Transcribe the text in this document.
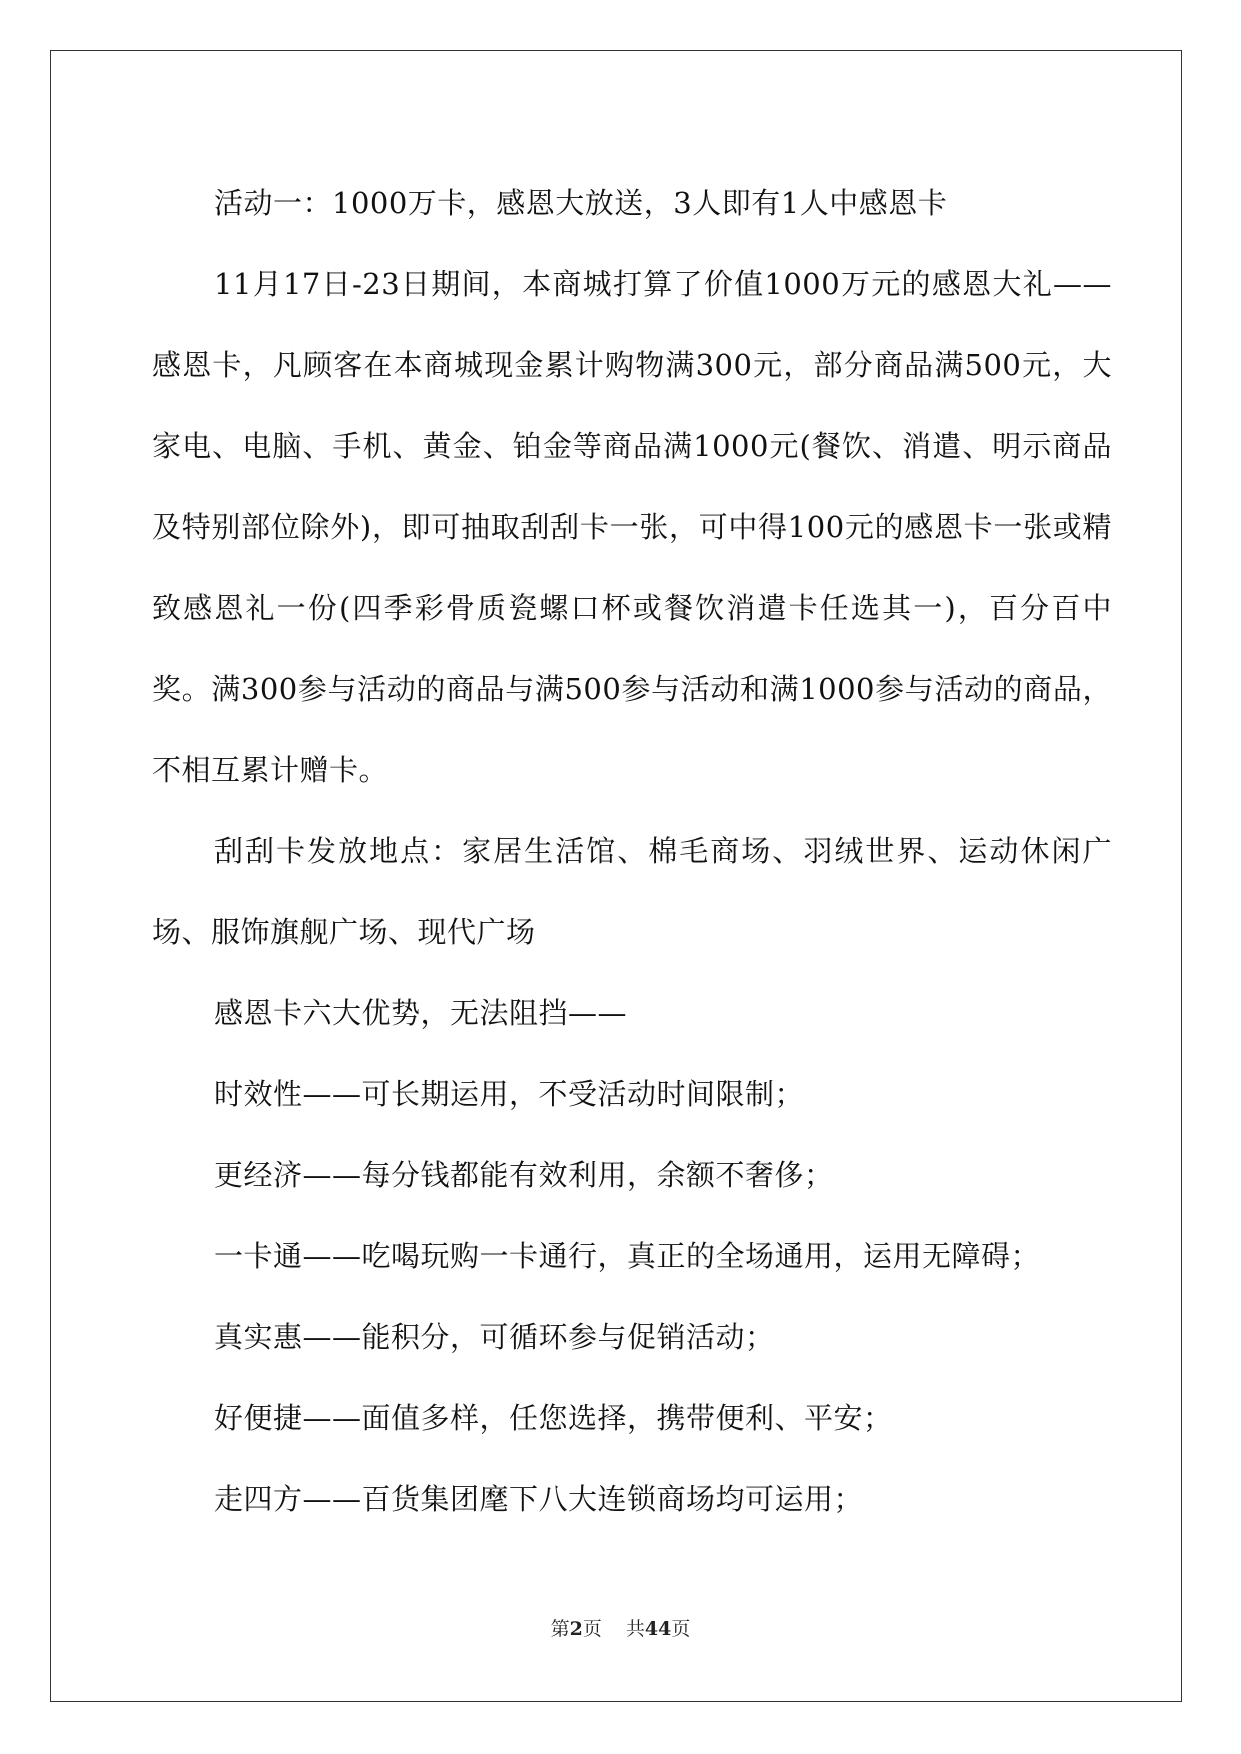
活动一：1000万卡，感恩大放送，3人即有1人中感恩卡

11月17日-23日期间，本商城打算了价值1000万元的感恩大礼——感恩卡，凡顾客在本商城现金累计购物满300元，部分商品满500元，大家电、电脑、手机、黄金、铂金等商品满1000元(餐饮、消遣、明示商品及特别部位除外)，即可抽取刮刮卡一张，可中得100元的感恩卡一张或精致感恩礼一份(四季彩骨质瓷螺口杯或餐饮消遣卡任选其一)，百分百中奖。满300参与活动的商品与满500参与活动和满1000参与活动的商品，不相互累计赠卡。

刮刮卡发放地点：家居生活馆、棉毛商场、羽绒世界、运动休闲广场、服饰旗舰广场、现代广场

感恩卡六大优势，无法阻挡——

时效性——可长期运用，不受活动时间限制；

更经济——每分钱都能有效利用，余额不奢侈；

一卡通——吃喝玩购一卡通行，真正的全场通用，运用无障碍；

真实惠——能积分，可循环参与促销活动；

好便捷——面值多样，任您选择，携带便利、平安；

走四方——百货集团麾下八大连锁商场均可运用；

第2页 共44页
